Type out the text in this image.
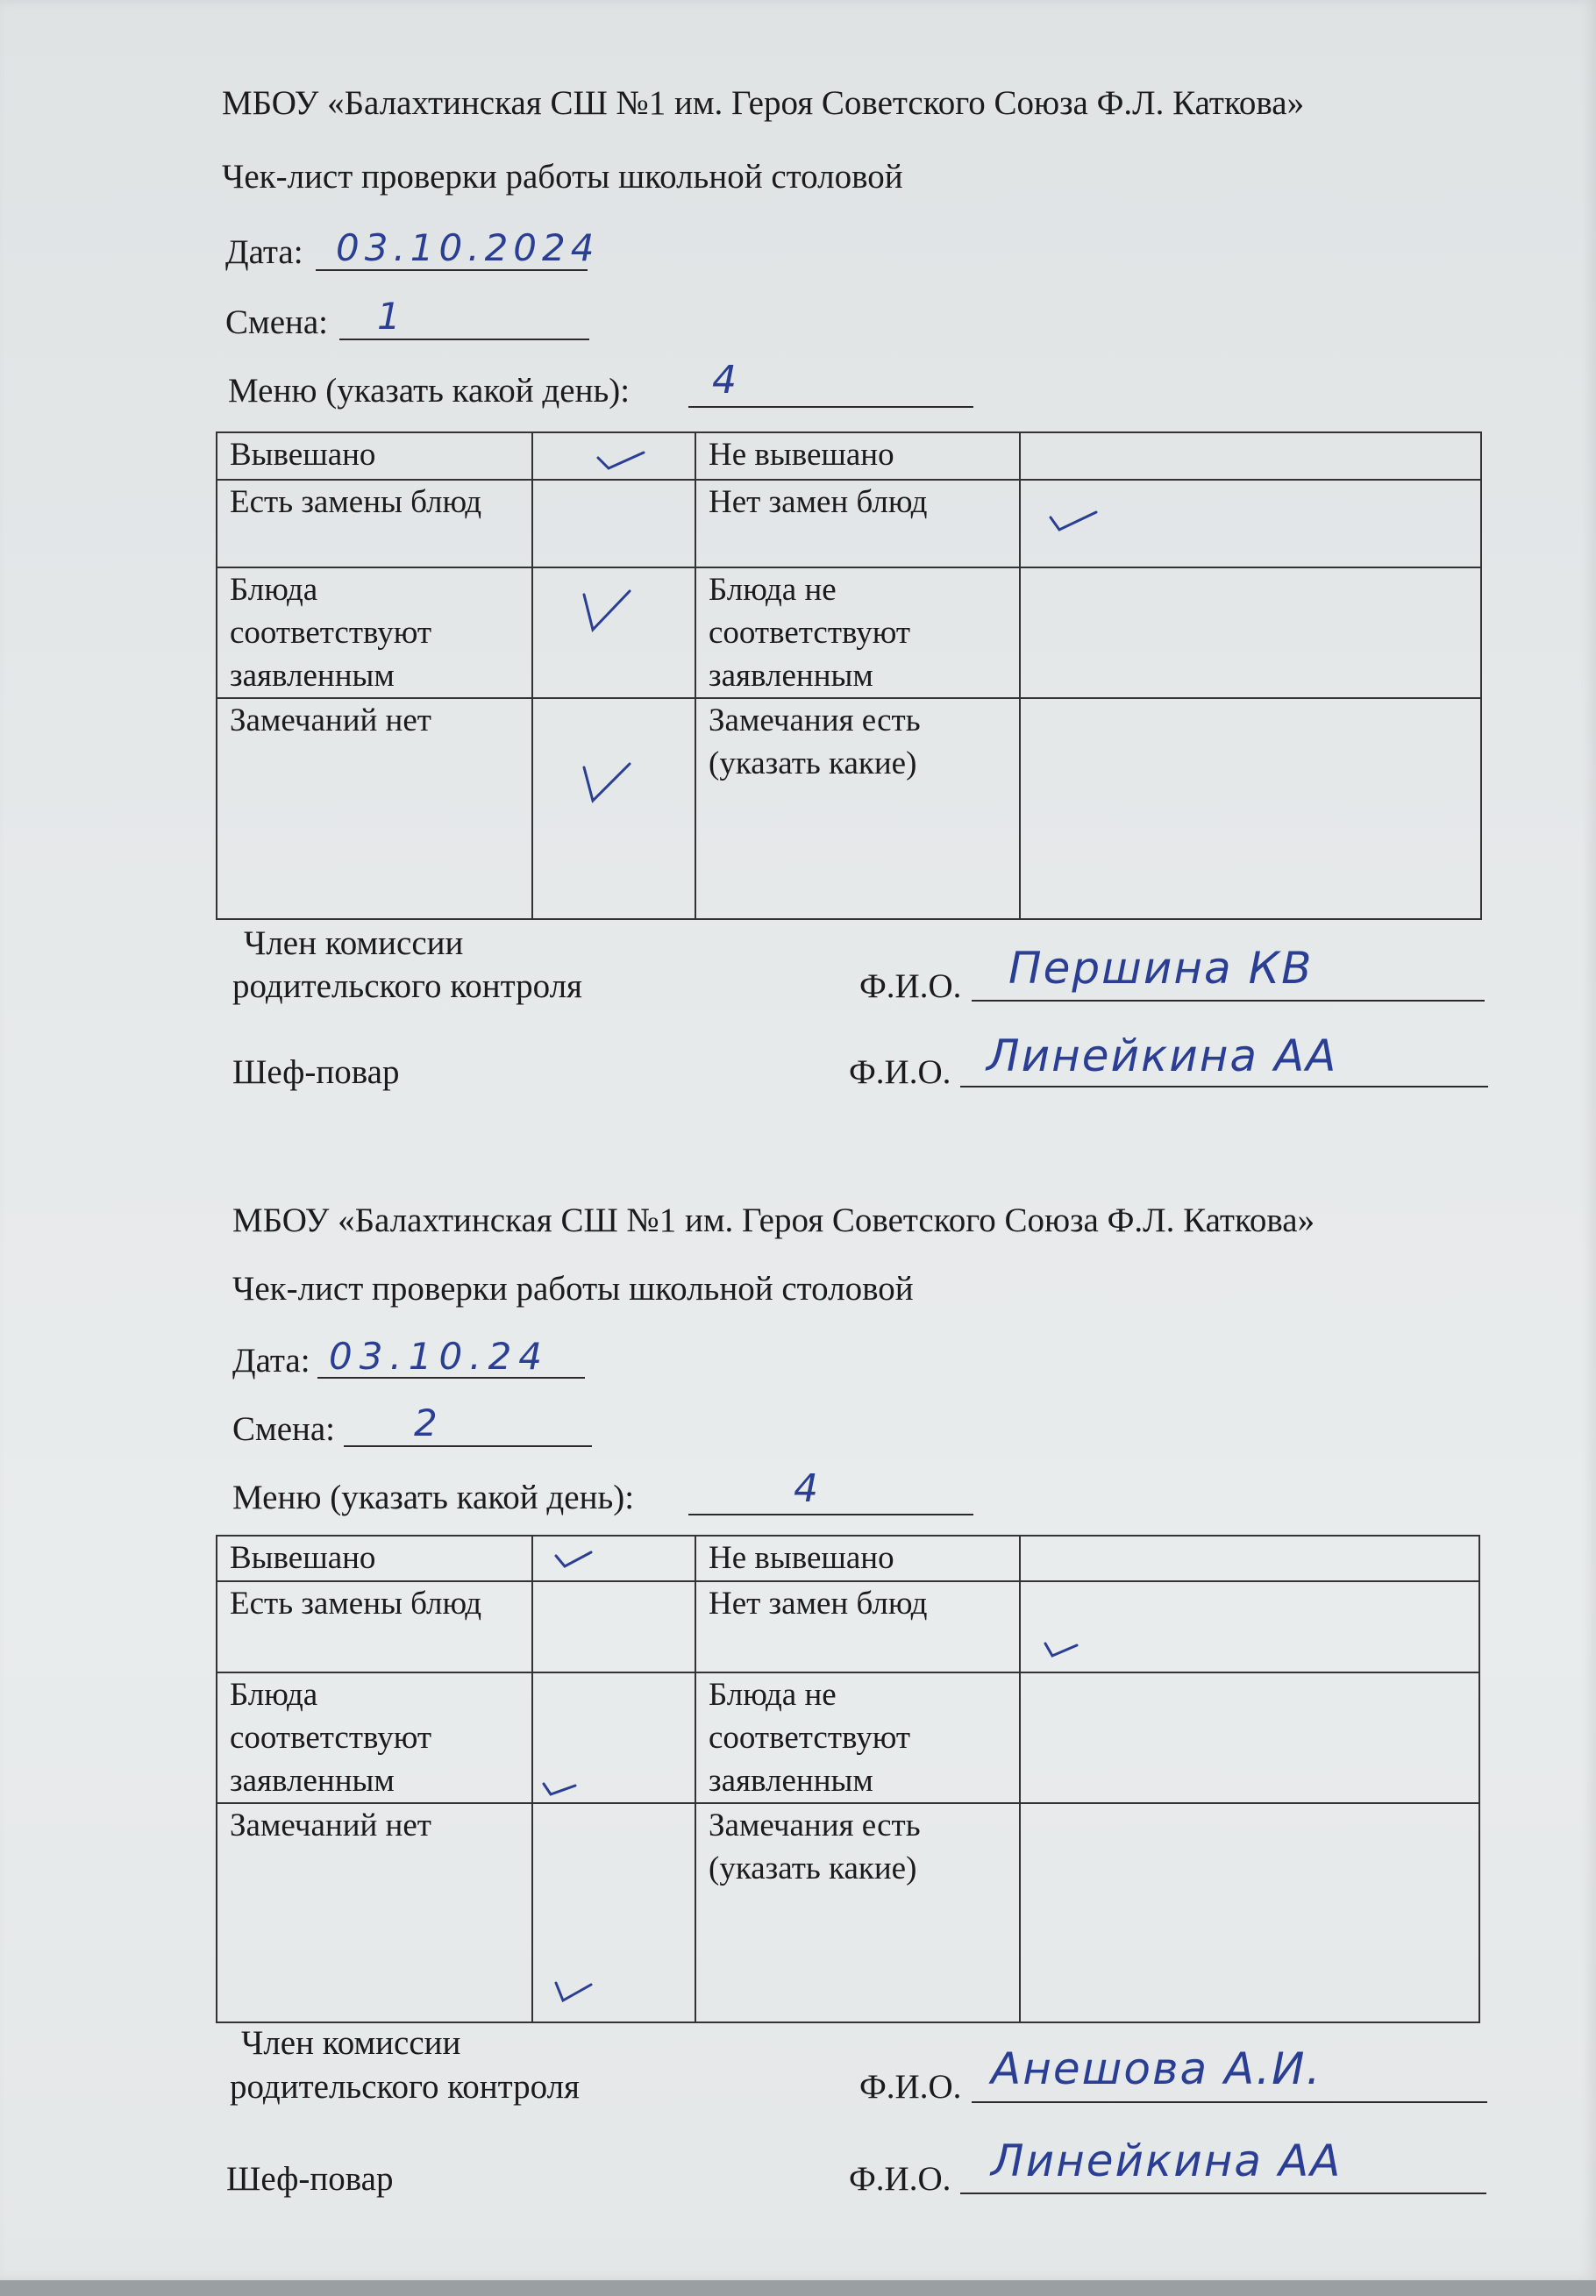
МБОУ «Балахтинская СШ №1 им. Героя Советского Союза Ф.Л. Каткова»
Чек-лист проверки работы школьной столовой
Дата: 03.10.2024
Смена: 1
Меню (указать какой день): 4
Вывешано		Не вывешано	
Есть замены блюд		Нет замен блюд	

Блюда соответствуют заявленным		Блюда не соответствуют заявленным	
Замечаний нет		Замечания есть (указать какие)	
Член комиссии
родительского контроля	Ф.И.О. Першина КВ
Шеф-повар	Ф.И.О. Линейкина АА
МБОУ «Балахтинская СШ №1 им. Героя Советского Союза Ф.Л. Каткова»
Чек-лист проверки работы школьной столовой
Дата: 03.10.24
Смена: 2
Меню (указать какой день):	4
Вывешано		Не вывешано	
Есть замены блюд		Нет замен блюд	

Блюда соответствуют заявленным		Блюда не соответствуют заявленным	
Замечаний нет		Замечания есть (указать какие)	
Член комиссии
родительского контроля	Ф.И.О. Анешова А.И.
Шеф-повар	Ф.И.О. Линейкина АА
